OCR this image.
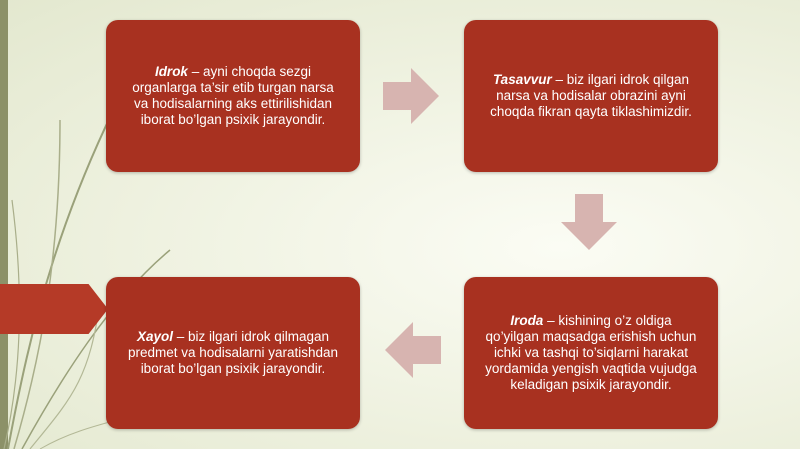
Idrok – ayni choqda sezgi organlarga ta’sir etib turgan narsa va hodisalarning aks ettirilishidan iborat bo’lgan psixik jarayondir.

Tasavvur – biz ilgari idrok qilgan narsa va hodisalar obrazini ayni choqda fikran qayta tiklashimizdir.

Iroda – kishining o’z oldiga qo’yilgan maqsadga erishish uchun ichki va tashqi to’siqlarni harakat yordamida yengish vaqtida vujudga keladigan psixik jarayondir.

Xayol – biz ilgari idrok qilmagan predmet va hodisalarni yaratishdan iborat bo’lgan psixik jarayondir.
